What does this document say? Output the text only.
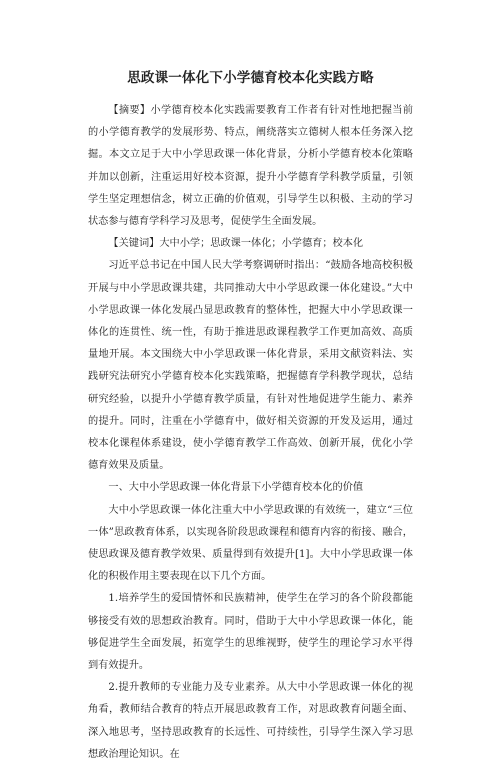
思政课一体化下小学德育校本化实践方略

【摘要】小学德育校本化实践需要教育工作者有针对性地把握当前的小学德育教学的发展形势、特点，阐绕落实立德树人根本任务深入挖掘。本文立足于大中小学思政课一体化背景，分析小学德育校本化策略并加以创新，注重运用好校本资源，提升小学德育学科教学质量，引领学生坚定理想信念，树立正确的价值观，引导学生以积极、主动的学习状态参与德育学科学习及思考，促使学生全面发展。

【关键词】大中小学；思政课一体化；小学德育；校本化

习近平总书记在中国人民大学考察调研时指出：“鼓励各地高校积极开展与中小学思政课共建，共同推动大中小学思政课一体化建设。”大中小学思政课一体化发展凸显思政教育的整体性，把握大中小学思政课一体化的连贯性、统一性，有助于推进思政课程教学工作更加高效、高质量地开展。本文围绕大中小学思政课一体化背景，采用文献资料法、实践研究法研究小学德育校本化实践策略，把握德育学科教学现状，总结研究经验，以提升小学德育教学质量，有针对性地促进学生能力、素养的提升。同时，注重在小学德育中，做好相关资源的开发及运用，通过校本化课程体系建设，使小学德育教学工作高效、创新开展，优化小学德育效果及质量。

一、大中小学思政课一体化背景下小学德育校本化的价值

大中小学思政课一体化注重大中小学思政课的有效统一，建立“三位一体”思政教育体系，以实现各阶段思政课程和德育内容的衔接、融合，使思政课及德育教学效果、质量得到有效提升[1]。大中小学思政课一体化的积极作用主要表现在以下几个方面。

1.培养学生的爱国情怀和民族精神，使学生在学习的各个阶段都能够接受有效的思想政治教育。同时，借助于大中小学思政课一体化，能够促进学生全面发展，拓宽学生的思维视野，使学生的理论学习水平得到有效提升。

2.提升教师的专业能力及专业素养。从大中小学思政课一体化的视角看，教师结合教育的特点开展思政教育工作，对思政教育问题全面、深入地思考，坚持思政教育的长远性、可持续性，引导学生深入学习思想政治理论知识。在
